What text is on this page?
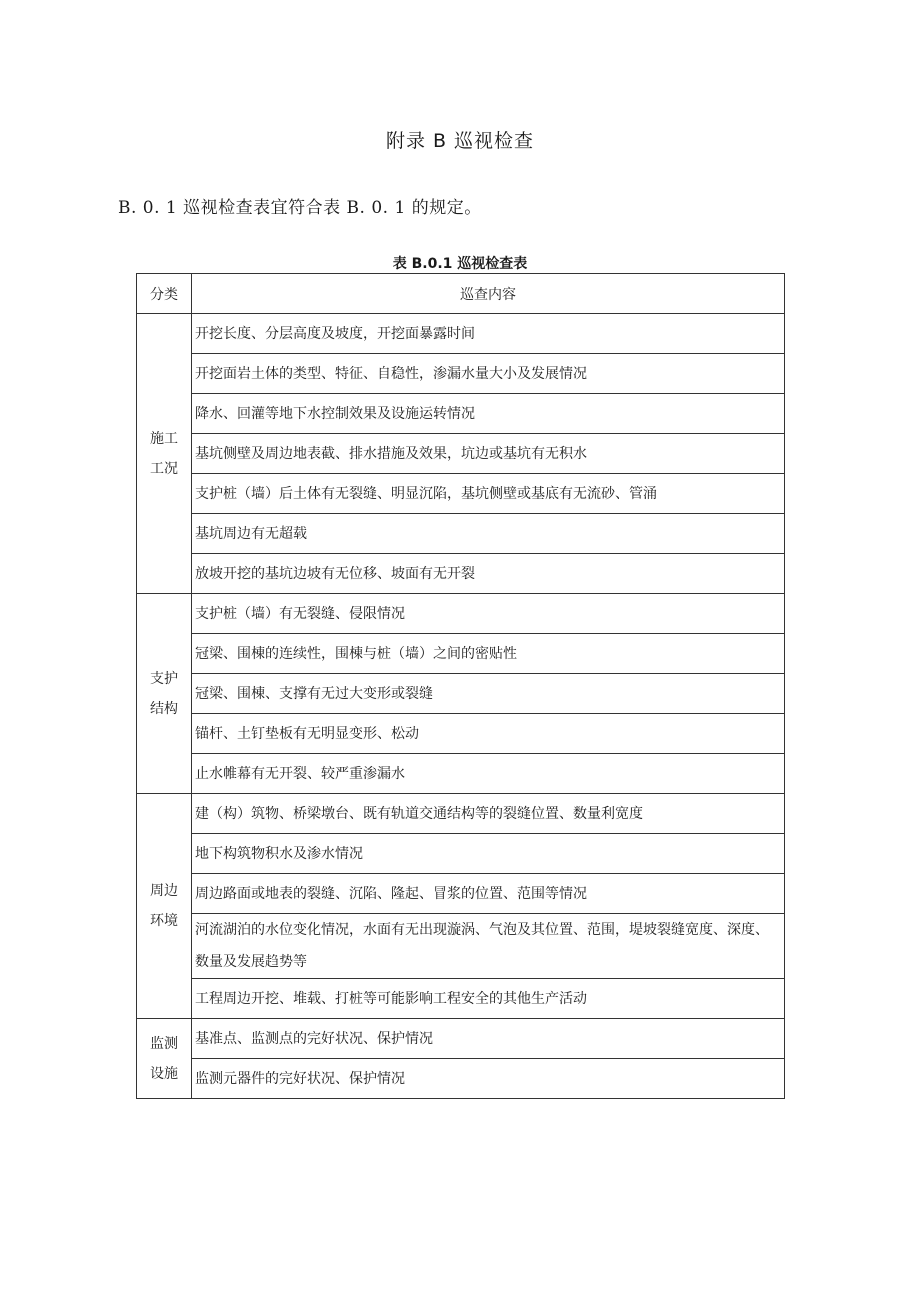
附录 B 巡视检查
B. 0. 1 巡视检查表宜符合表 B. 0. 1 的规定。
表 B.0.1 巡视检查表
分类	巡查内容

施工
工况	开挖长度、分层高度及坡度，开挖面暴露时间
	开挖面岩土体的类型、特征、自稳性，渗漏水量大小及发展情况
	降水、回灌等地下水控制效果及设施运转情况
	基坑侧壁及周边地表截、排水措施及效果，坑边或基坑有无积水
	支护桩（墙）后土体有无裂缝、明显沉陷，基坑侧壁或基底有无流砂、管涌
	基坑周边有无超载
	放坡开挖的基坑边坡有无位移、坡面有无开裂

支护
结构	支护桩（墙）有无裂缝、侵限情况
	冠梁、围棟的连续性，围棟与桩（墙）之间的密贴性
	冠梁、围棟、支撑有无过大变形或裂缝
	锚杆、土钉垫板有无明显变形、松动
	止水帷幕有无开裂、较严重渗漏水

周边
环境	建（构）筑物、桥梁墩台、既有轨道交通结构等的裂缝位置、数量利宽度
	地下构筑物积水及渗水情况
	周边路面或地表的裂缝、沉陷、隆起、冒浆的位置、范围等情况
	河流湖泊的水位变化情况，水面有无出现漩涡、气泡及其位置、范围，堤坡裂缝宽度、深度、数量及发展趋势等
	工程周边开挖、堆载、打桩等可能影响工程安全的其他生产活动

监测
设施	基准点、监测点的完好状况、保护情况
	监测元器件的完好状况、保护情况
